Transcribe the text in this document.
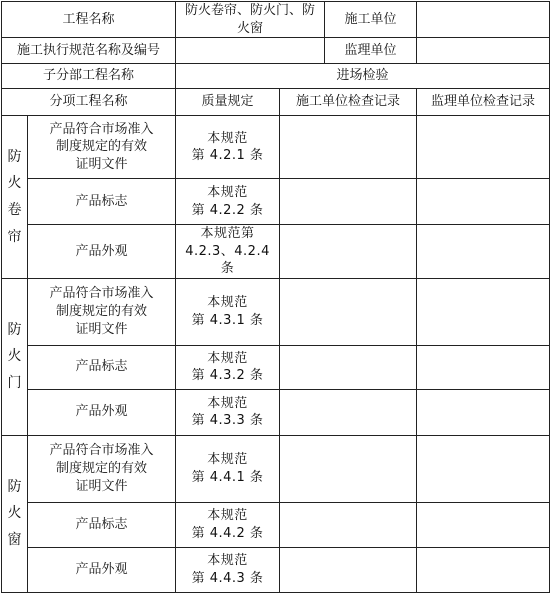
工程名称		防火卷帘、防火门、防火窗		施工单位	
施工执行规范名称及编号				监理单位	
子分部工程名称		进场检验			
分项工程名称		质量规定	施工单位检查记录		监理单位检查记录

防
火
卷
帘	产品符合市场准入
制度规定的有效
证明文件	本规范
第 4.2.1 条			

	产品标志	本规范
第 4.2.2 条			

	产品外观	本规范第
4.2.3、4.2.4 条			

防
火
门	产品符合市场准入
制度规定的有效
证明文件	本规范
第 4.3.1 条			

	产品标志	本规范
第 4.3.2 条			

	产品外观	本规范
第 4.3.3 条			

防
火
窗	产品符合市场准入
制度规定的有效
证明文件	本规范
第 4.4.1 条			

	产品标志	本规范
第 4.4.2 条			

	产品外观	本规范
第 4.4.3 条			
